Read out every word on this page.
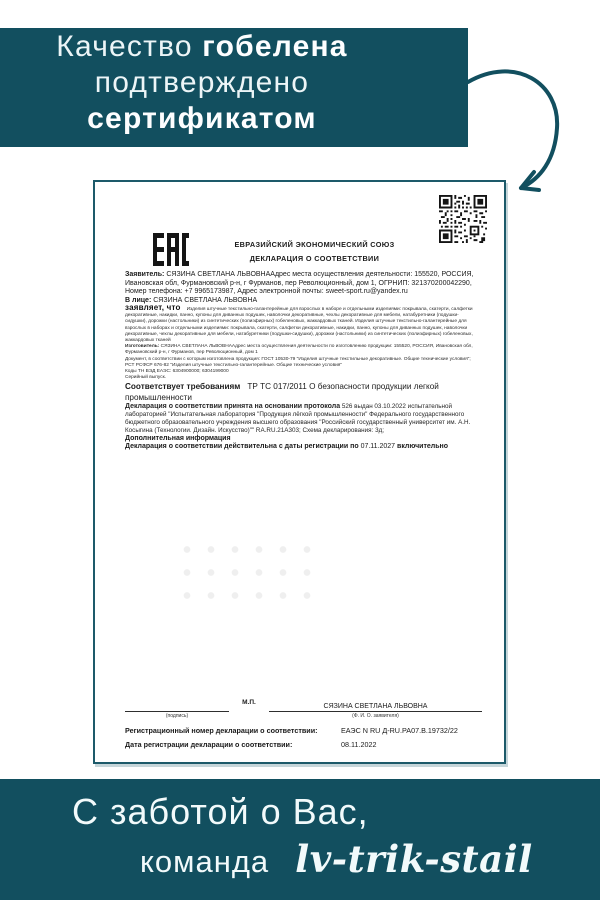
Качество гобелена
подтверждено
сертификатом
ЕВРАЗИЙСКИЙ ЭКОНОМИЧЕСКИЙ СОЮЗ
ДЕКЛАРАЦИЯ О СООТВЕТСТВИИ

Заявитель: СЯЗИНА СВЕТЛАНА ЛЬВОВНААдрес места осуществления деятельности: 155520, РОССИЯ, Ивановская обл, Фурмановский р-н, г Фурманов, пер Революционный, дом 1, ОГРНИП: 321370200042290, Номер телефона: +7 9965173987, Адрес электронной почты: sweet-sport.ru@yandex.ru

В лице: СЯЗИНА СВЕТЛАНА ЛЬВОВНА

заявляет, что Изделия штучные текстильно-галантерейные для взрослых в наборе и отдельными изделиями: покрывала, скатерти, салфетки декоративные, накидки, панно, купоны для диванных подушек, наволочки декоративные, чехлы декоративные для мебели, натабуретники (подушки-сидушки), дорожки (настольники) из синтетических (полиэфирных) гобеленовых, жаккардовых тканей. Изделия штучные текстильно-галантерейные для взрослых в наборах и отдельными изделиями: покрывала, скатерти, салфетки декоративные, накидки, панно, купоны для диванных подушек, наволочки декоративные, чехлы декоративные для мебели, натабуретники (подушки-сидушки), дорожки (настольники) из синтетических (полиэфирных) гобеленовых, жаккардовых тканей

Изготовитель: СЯЗИНА СВЕТЛАНА ЛЬВОВНААдрес места осуществления деятельности по изготовлению продукции: 155520, РОССИЯ, Ивановская обл, Фурмановский р-н, г Фурманов, пер Революционный, дом 1

Документ, в соответствии с которым изготовлена продукция: ГОСТ 10530-79 "Изделия штучные текстильные декоративные. Общие технические условия"; РСТ РСФСР 676-82 "Изделия штучные текстильно-галантерейные. Общие технические условия"

Коды ТН ВЭД ЕАЭС: 6304900000; 6304199000

Серийный выпуск.

Соответствует требованиям ТР ТС 017/2011 О безопасности продукции легкой промышленности

Декларация о соответствии принята на основании протокола 526 выдан 03.10.2022 испытательной лабораторией "Испытательная лаборатория "Продукция лёгкой промышленности" Федерального государственного бюджетного образовательного учреждения высшего образования "Российский государственный университет им. А.Н. Косыгина (Технологии. Дизайн. Искусство)"" RA.RU.21А303; Схема декларирования: 3д;

Дополнительная информация

Декларация о соответствии действительна с даты регистрации по 07.11.2027 включительно

(подпись)
М.П.
СЯЗИНА СВЕТЛАНА ЛЬВОВНА
(Ф. И. О. заявителя)
Регистрационный номер декларации о соответствии:	ЕАЭС N RU Д-RU.РА07.В.19732/22
Дата регистрации декларации о соответствии:	08.11.2022
С заботой о Вас,
команда lv-trik-stail
